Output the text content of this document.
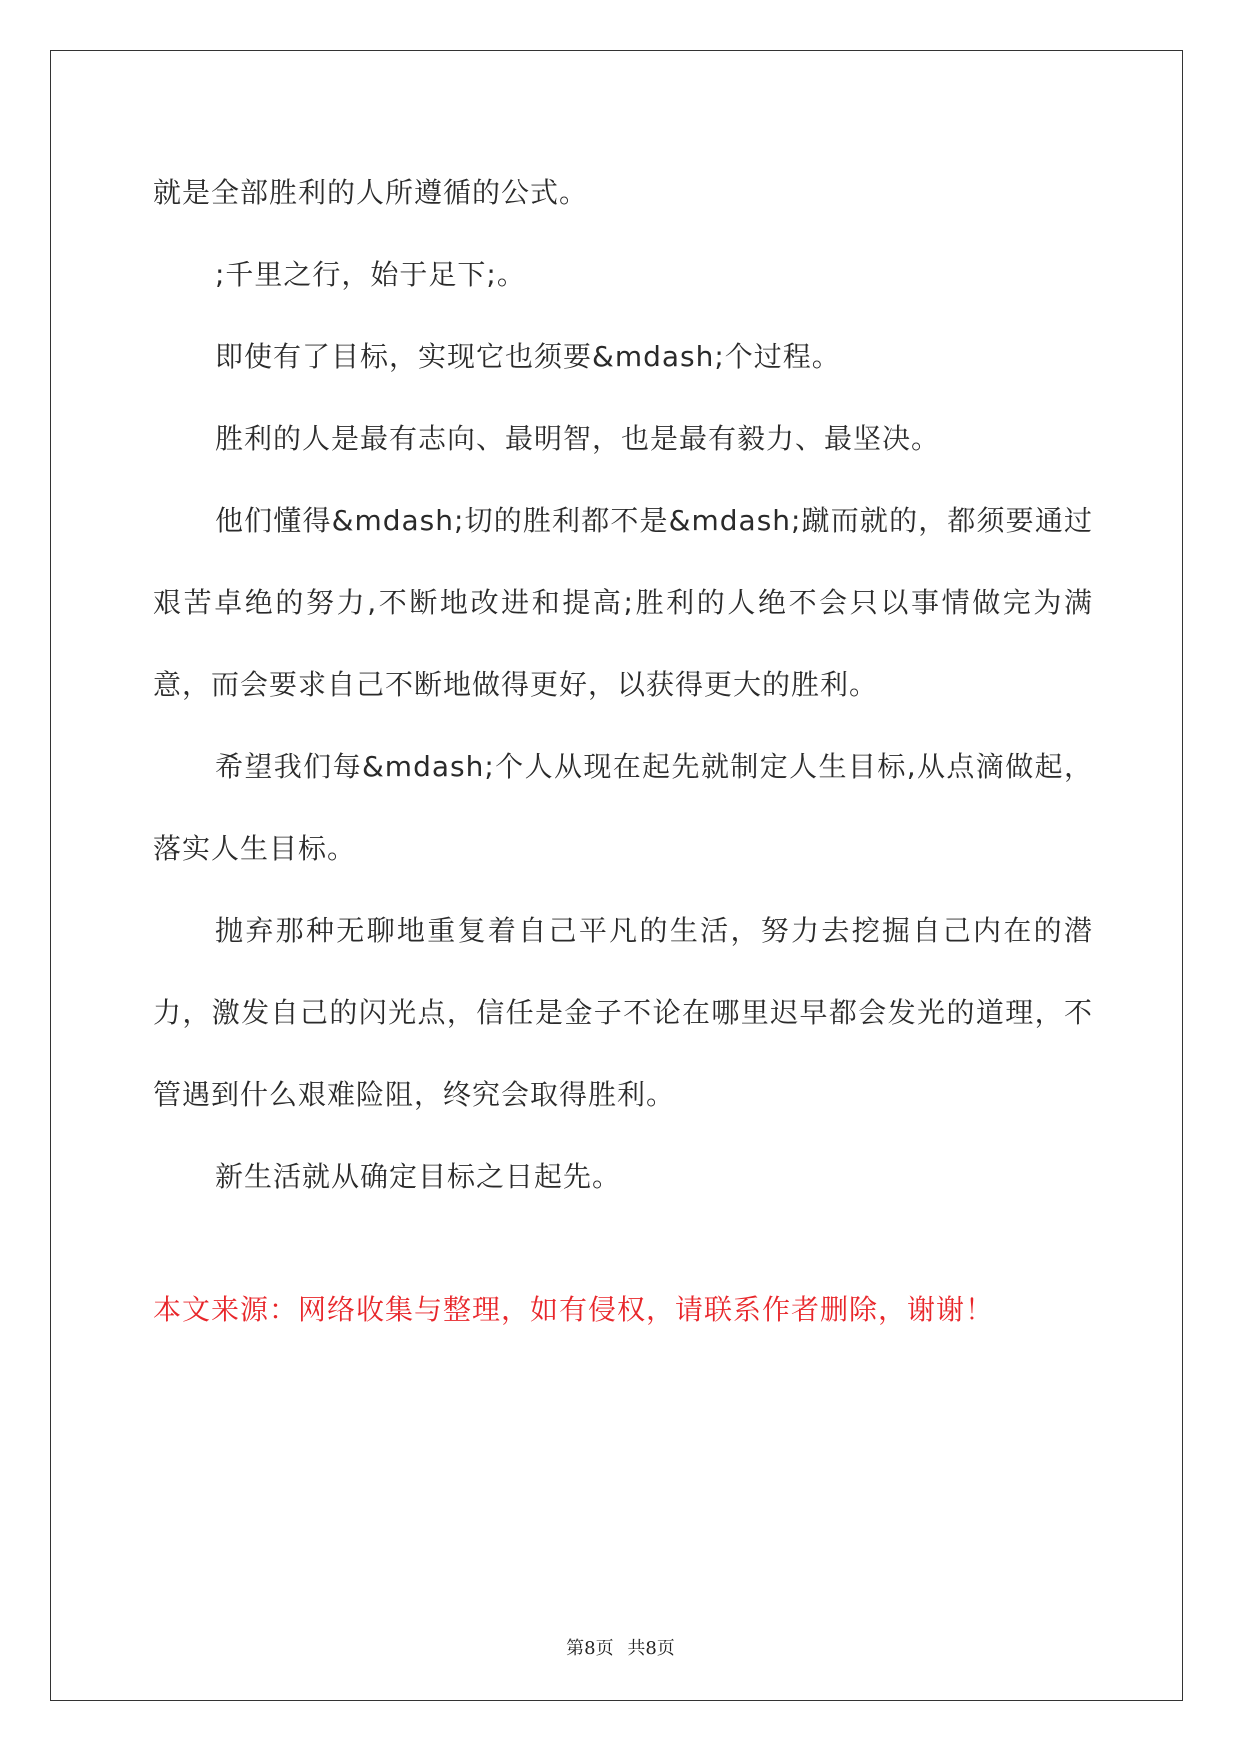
就是全部胜利的人所遵循的公式。

;千里之行，始于足下;。

即使有了目标，实现它也须要&mdash;个过程。

胜利的人是最有志向、最明智，也是最有毅力、最坚决。

他们懂得&mdash;切的胜利都不是&mdash;蹴而就的，都须要通过艰苦卓绝的努力,不断地改进和提高;胜利的人绝不会只以事情做完为满意，而会要求自己不断地做得更好，以获得更大的胜利。

希望我们每&mdash;个人从现在起先就制定人生目标,从点滴做起，落实人生目标。

抛弃那种无聊地重复着自己平凡的生活，努力去挖掘自己内在的潜力，激发自己的闪光点，信任是金子不论在哪里迟早都会发光的道理，不管遇到什么艰难险阻，终究会取得胜利。

新生活就从确定目标之日起先。

本文来源：网络收集与整理，如有侵权，请联系作者删除，谢谢！
第8页 共8页
